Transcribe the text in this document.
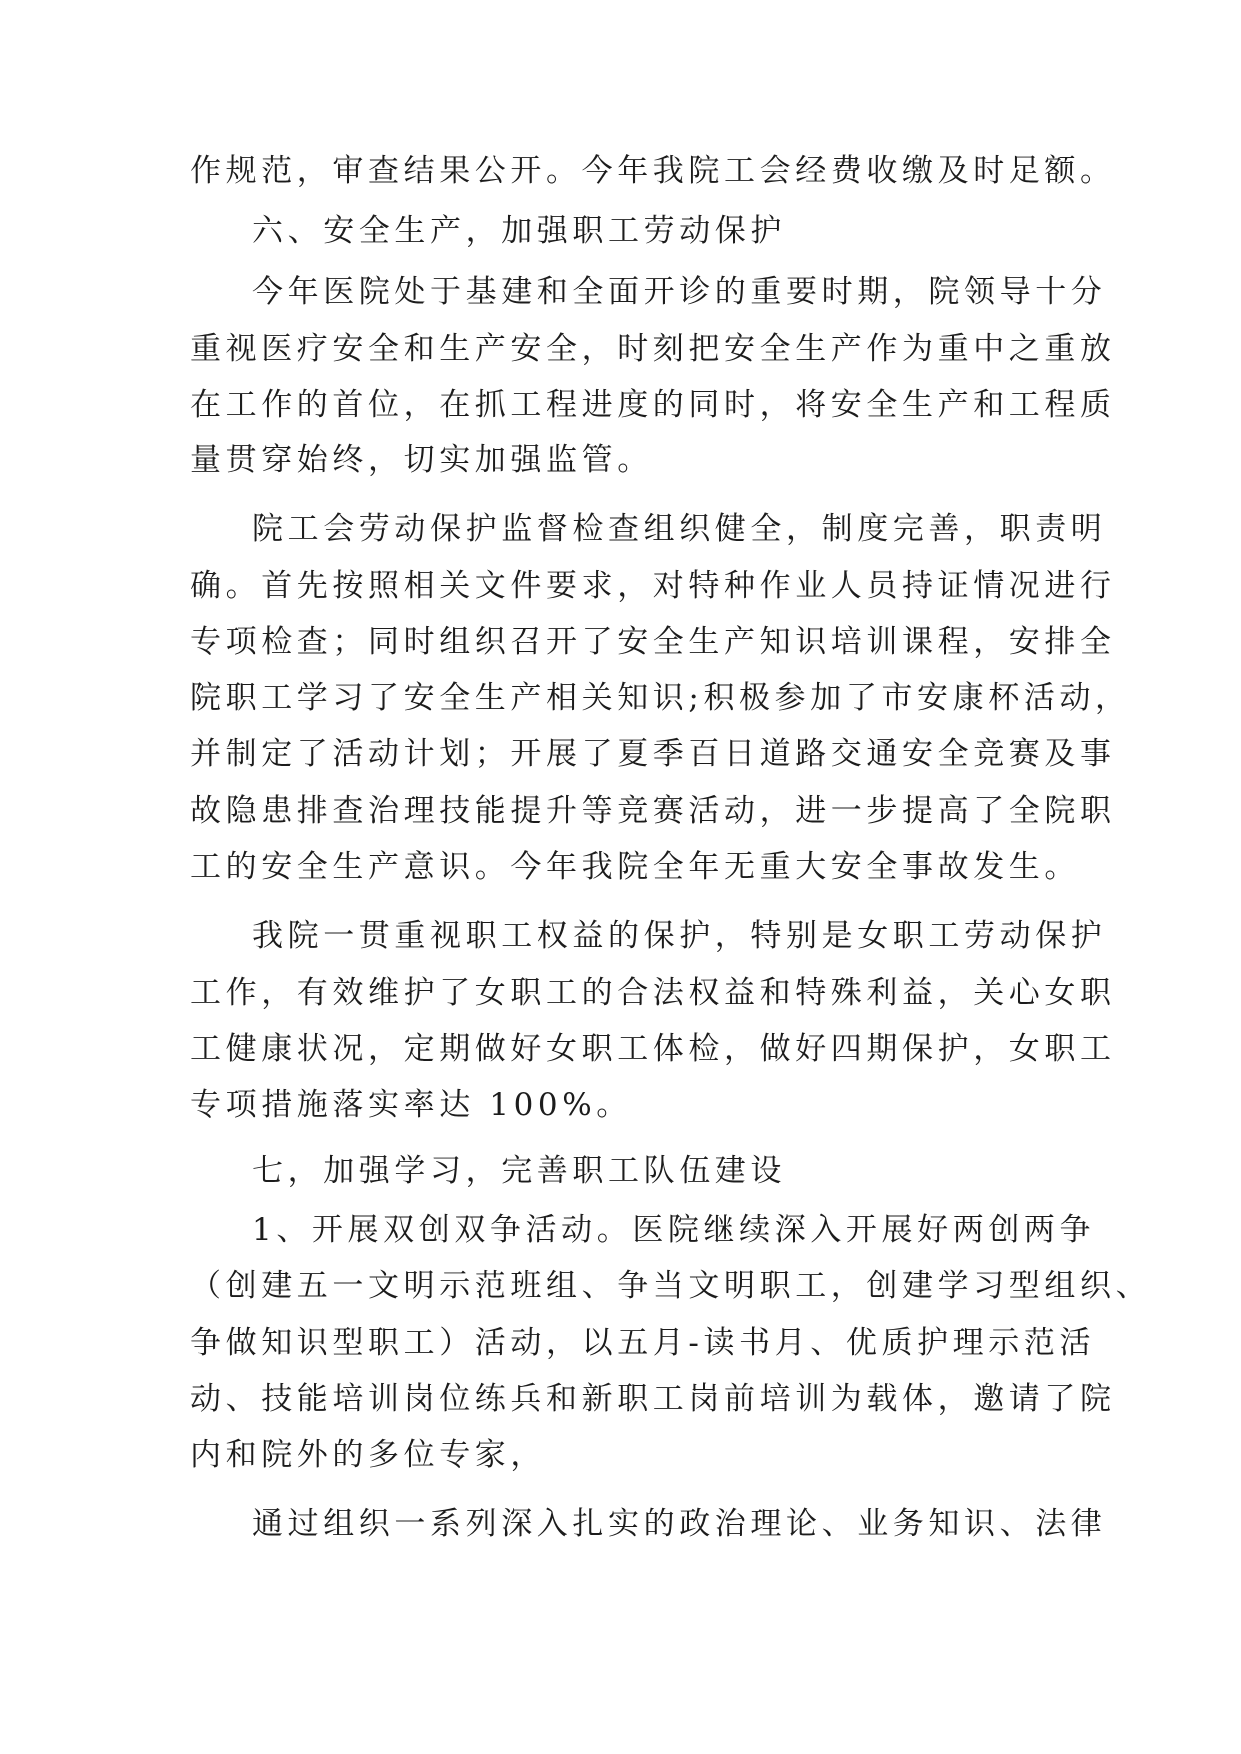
作规范，审查结果公开。今年我院工会经费收缴及时足额。
六、安全生产，加强职工劳动保护
今年医院处于基建和全面开诊的重要时期，院领导十分
重视医疗安全和生产安全，时刻把安全生产作为重中之重放
在工作的首位，在抓工程进度的同时，将安全生产和工程质
量贯穿始终，切实加强监管。
院工会劳动保护监督检查组织健全，制度完善，职责明
确。首先按照相关文件要求，对特种作业人员持证情况进行
专项检查；同时组织召开了安全生产知识培训课程，安排全
院职工学习了安全生产相关知识;积极参加了市安康杯活动，
并制定了活动计划；开展了夏季百日道路交通安全竞赛及事
故隐患排查治理技能提升等竞赛活动，进一步提高了全院职
工的安全生产意识。今年我院全年无重大安全事故发生。
我院一贯重视职工权益的保护，特别是女职工劳动保护
工作，有效维护了女职工的合法权益和特殊利益，关心女职
工健康状况，定期做好女职工体检，做好四期保护，女职工
专项措施落实率达 100%。
七，加强学习，完善职工队伍建设
1、开展双创双争活动。医院继续深入开展好两创两争
（创建五一文明示范班组、争当文明职工，创建学习型组织、
争做知识型职工）活动，以五月-读书月、优质护理示范活
动、技能培训岗位练兵和新职工岗前培训为载体，邀请了院
内和院外的多位专家，
通过组织一系列深入扎实的政治理论、业务知识、法律
